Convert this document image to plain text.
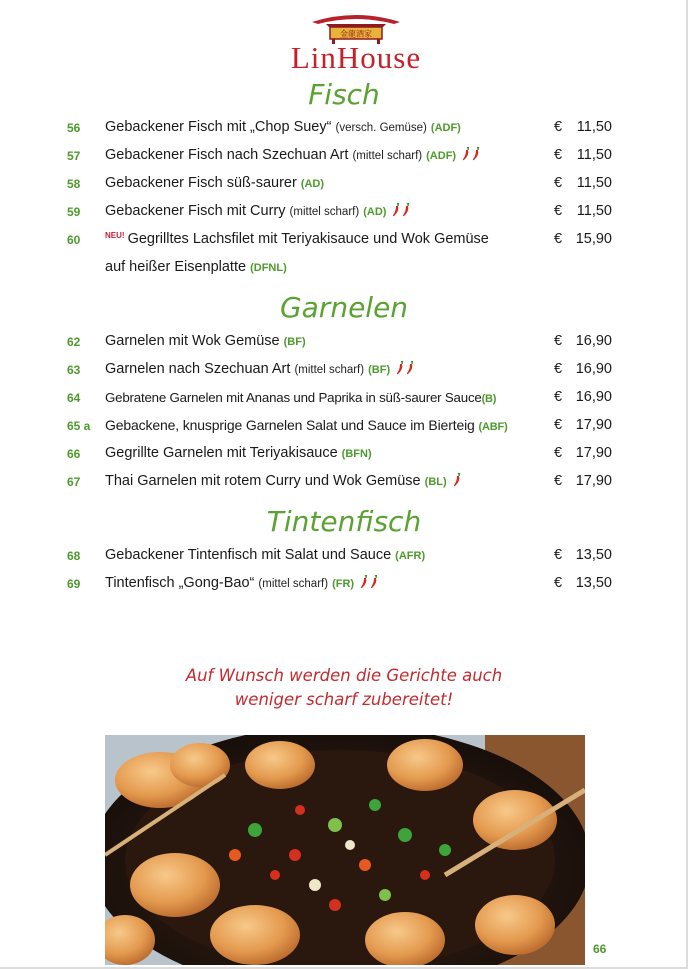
金龍酒家
LinHouse
Fisch
56 Gebackener Fisch mit „Chop Suey“ (versch. Gemüse) (ADF)	€ 11,50
57 Gebackener Fisch nach Szechuan Art (mittel scharf) (ADF)	€ 11,50
58 Gebackener Fisch süß-saurer (AD)	€ 11,50
59 Gebackener Fisch mit Curry (mittel scharf) (AD)	€ 11,50
60	$^{NEU!}$ Gegrilltes Lachsfilet mit Teriyakisauce und Wok Gemüse	€ 15,90
auf heißer Eisenplatte (DFNL)
Garnelen
62 Garnelen mit Wok Gemüse (BF)	€ 16,90
63 Garnelen nach Szechuan Art (mittel scharf) (BF)	€ 16,90
64 Gebratene Garnelen mit Ananas und Paprika in süß-saurer Sauce(B)	€ 16,90
65 a Gebackene, knusprige Garnelen Salat und Sauce im Bierteig (ABF)	€ 17,90
66 Gegrillte Garnelen mit Teriyakisauce (BFN)	€ 17,90
67 Thai Garnelen mit rotem Curry und Wok Gemüse (BL)	€ 17,90
Tintenfisch
68 Gebackener Tintenfisch mit Salat und Sauce (AFR)	€ 13,50
69 Tintenfisch „Gong-Bao“ (mittel scharf) (FR)	€ 13,50
Auf Wunsch werden die Gerichte auch
weniger scharf zubereitet!
66
